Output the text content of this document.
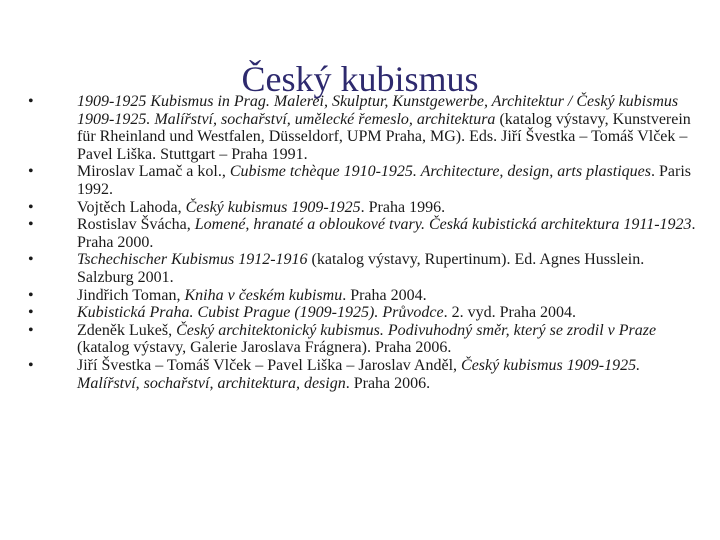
Český kubismus
•	1909-1925 Kubismus in Prag. Malerei, Skulptur, Kunstgewerbe, Architektur / Český kubismus 1909-1925. Malířství, sochařství, umělecké řemeslo, architektura (katalog výstavy, Kunstverein für Rheinland und Westfalen, Düsseldorf, UPM Praha, MG). Eds. Jiří Švestka – Tomáš Vlček – Pavel Liška. Stuttgart – Praha 1991.
•	Miroslav Lamač a kol., Cubisme tchèque 1910-1925. Architecture, design, arts plastiques. Paris 1992.
•	Vojtěch Lahoda, Český kubismus 1909-1925. Praha 1996.
•	Rostislav Švácha, Lomené, hranaté a obloukové tvary. Česká kubistická architektura 1911-1923. Praha 2000.
•	Tschechischer Kubismus 1912-1916 (katalog výstavy, Rupertinum). Ed. Agnes Husslein. Salzburg 2001.
•	Jindřich Toman, Kniha v českém kubismu. Praha 2004.
•	Kubistická Praha. Cubist Prague (1909-1925). Průvodce. 2. vyd. Praha 2004.
•	Zdeněk Lukeš, Český architektonický kubismus. Podivuhodný směr, který se zrodil v Praze (katalog výstavy, Galerie Jaroslava Frágnera). Praha 2006.
•	Jiří Švestka – Tomáš Vlček – Pavel Liška – Jaroslav Anděl, Český kubismus 1909-1925. Malířství, sochařství, architektura, design. Praha 2006.
